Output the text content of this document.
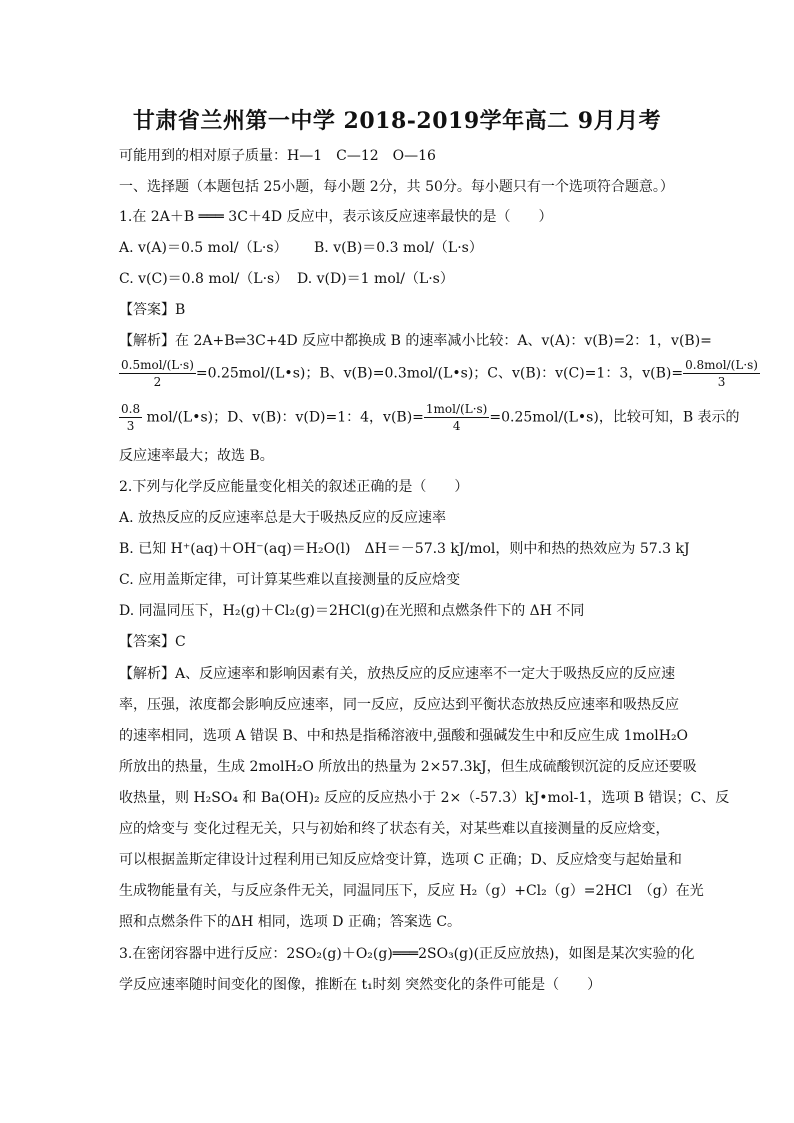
甘肃省兰州第一中学 2018-2019学年高二 9月月考
可能用到的相对原子质量：H—1　C—12　O—16
一、选择题（本题包括 25小题，每小题 2分，共 50分。每小题只有一个选项符合题意。）
1.在 2A＋B ═══ 3C＋4D 反应中，表示该反应速率最快的是（　　）
A. v(A)＝0.5 mol/（L·s） B. v(B)＝0.3 mol/（L·s）
C. v(C)＝0.8 mol/（L·s） D. v(D)＝1 mol/（L·s）
【答案】B
【解析】在 2A+B⇌3C+4D 反应中都换成 B 的速率减小比较：A、v(A)：v(B)=2：1，v(B)=
$\frac{\text{0.5mol/(L·s)}}{2}$ =0.25mol/(L•s)；B、v(B)=0.3mol/(L•s)；C、v(B)：v(C)=1：3，$v(B)= \frac{\text{0.8mol/(L·s)}}{3}$
$\frac{0.8}{3}$ mol/(L•s)；D、v(B)：v(D)=1：4，$v(B)= \frac{\text{1mol/(L·s)}}{4}$ =0.25mol/(L•s)，比较可知，B 表示的
反应速率最大；故选 B。
2.下列与化学反应能量变化相关的叙述正确的是（　　）
A. 放热反应的反应速率总是大于吸热反应的反应速率
B. 已知 H⁺(aq)＋OH⁻(aq)＝H₂O(l)　ΔH＝－57.3 kJ/mol，则中和热的热效应为 57.3 kJ
C. 应用盖斯定律，可计算某些难以直接测量的反应焓变
D. 同温同压下，H₂(g)＋Cl₂(g)＝2HCl(g)在光照和点燃条件下的 ΔH 不同
【答案】C
【解析】A、反应速率和影响因素有关，放热反应的反应速率不一定大于吸热反应的反应速
率，压强，浓度都会影响反应速率，同一反应，反应达到平衡状态放热反应速率和吸热反应
的速率相同，选项 A 错误 B、中和热是指稀溶液中,强酸和强碱发生中和反应生成 1molH₂O
所放出的热量，生成 2molH₂O 所放出的热量为 2×57.3kJ，但生成硫酸钡沉淀的反应还要吸
收热量，则 H₂SO₄ 和 Ba(OH)₂ 反应的反应热小于 2×（-57.3）kJ•mol-1，选项 B 错误；C、反
应的焓变与 变化过程无关，只与初始和终了状态有关，对某些难以直接测量的反应焓变，
可以根据盖斯定律设计过程利用已知反应焓变计算，选项 C 正确；D、反应焓变与起始量和
生成物能量有关，与反应条件无关，同温同压下，反应 H₂（g）+Cl₂（g）=2HCl　（g）在光
照和点燃条件下的ΔH 相同，选项 D 正确；答案选 C。
3.在密闭容器中进行反应：2SO₂(g)＋O₂(g)═══2SO₃(g)(正反应放热)，如图是某次实验的化
学反应速率随时间变化的图像，推断在 t₁时刻 突然变化的条件可能是（　　）
